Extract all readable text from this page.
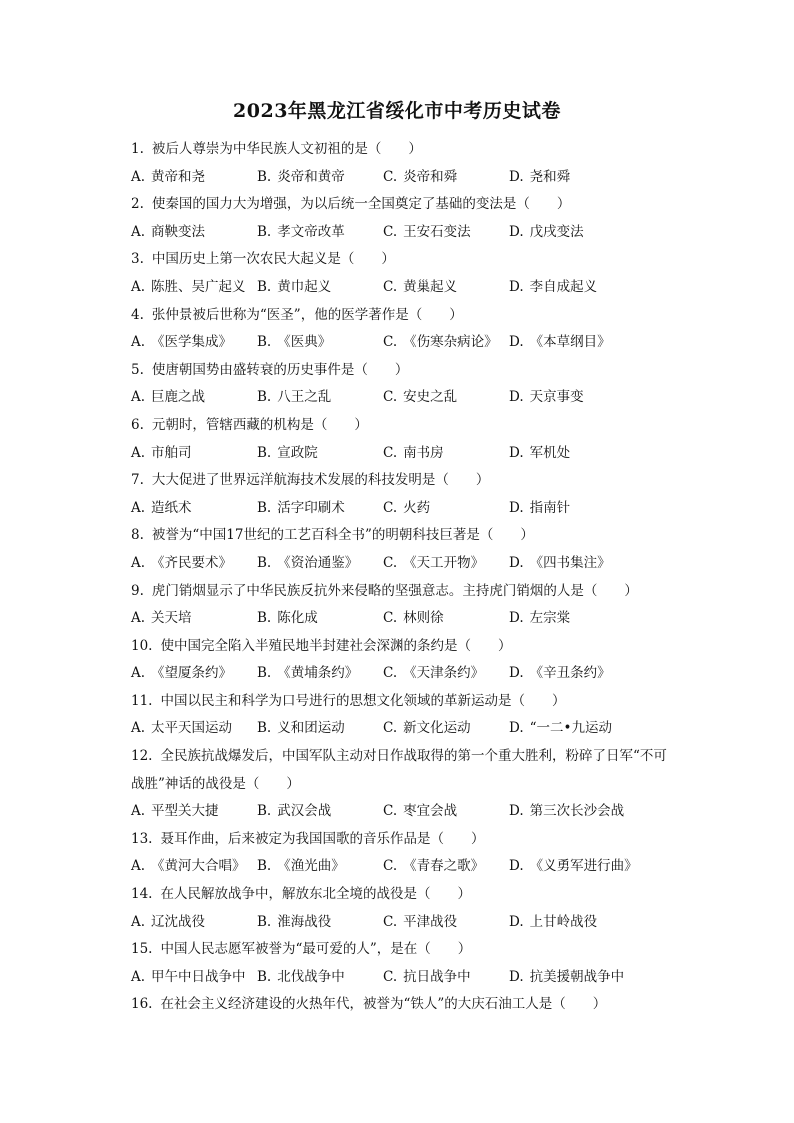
2023年黑龙江省绥化市中考历史试卷
1. 被后人尊崇为中华民族人文初祖的是（　　）
A. 黄帝和尧	B. 炎帝和黄帝	C. 炎帝和舜	D. 尧和舜
2. 使秦国的国力大为增强，为以后统一全国奠定了基础的变法是（　　）
A. 商鞅变法	B. 孝文帝改革	C. 王安石变法	D. 戊戌变法
3. 中国历史上第一次农民大起义是（　　）
A. 陈胜、吴广起义 B. 黄巾起义	C. 黄巢起义	D. 李自成起义
4. 张仲景被后世称为“医圣”，他的医学著作是（　　）
A. 《医学集成》 B. 《医典》	C. 《伤寒杂病论》 D. 《本草纲目》
5. 使唐朝国势由盛转衰的历史事件是（　　）
A. 巨鹿之战	B. 八王之乱	C. 安史之乱	D. 天京事变
6. 元朝时，管辖西藏的机构是（　　）
A. 市舶司	B. 宣政院	C. 南书房	D. 军机处
7. 大大促进了世界远洋航海技术发展的科技发明是（　　）
A. 造纸术	B. 活字印刷术	C. 火药	D. 指南针
8. 被誉为“中国17世纪的工艺百科全书”的明朝科技巨著是（　　）
A. 《齐民要术》 B. 《资治通鉴》 C. 《天工开物》 D. 《四书集注》
9. 虎门销烟显示了中华民族反抗外来侵略的坚强意志。主持虎门销烟的人是（　　）
A. 关天培	B. 陈化成	C. 林则徐	D. 左宗棠
10. 使中国完全陷入半殖民地半封建社会深渊的条约是（　　）
A. 《望厦条约》 B. 《黄埔条约》 C. 《天津条约》 D. 《辛丑条约》
11. 中国以民主和科学为口号进行的思想文化领域的革新运动是（　　）
A. 太平天国运动 B. 义和团运动	C. 新文化运动	D. “一二•九运动
12. 全民族抗战爆发后，中国军队主动对日作战取得的第一个重大胜利，粉碎了日军“不可
战胜”神话的战役是（　　）
A. 平型关大捷	B. 武汉会战	C. 枣宜会战	D. 第三次长沙会战
13. 聂耳作曲，后来被定为我国国歌的音乐作品是（　　）
A. 《黄河大合唱》 B. 《渔光曲》	C. 《青春之歌》 D. 《义勇军进行曲》
14. 在人民解放战争中，解放东北全境的战役是（　　）
A. 辽沈战役	B. 淮海战役	C. 平津战役	D. 上甘岭战役
15. 中国人民志愿军被誉为“最可爱的人”，是在（　　）
A. 甲午中日战争中 B. 北伐战争中	C. 抗日战争中	D. 抗美援朝战争中
16. 在社会主义经济建设的火热年代，被誉为“铁人”的大庆石油工人是（　　）
